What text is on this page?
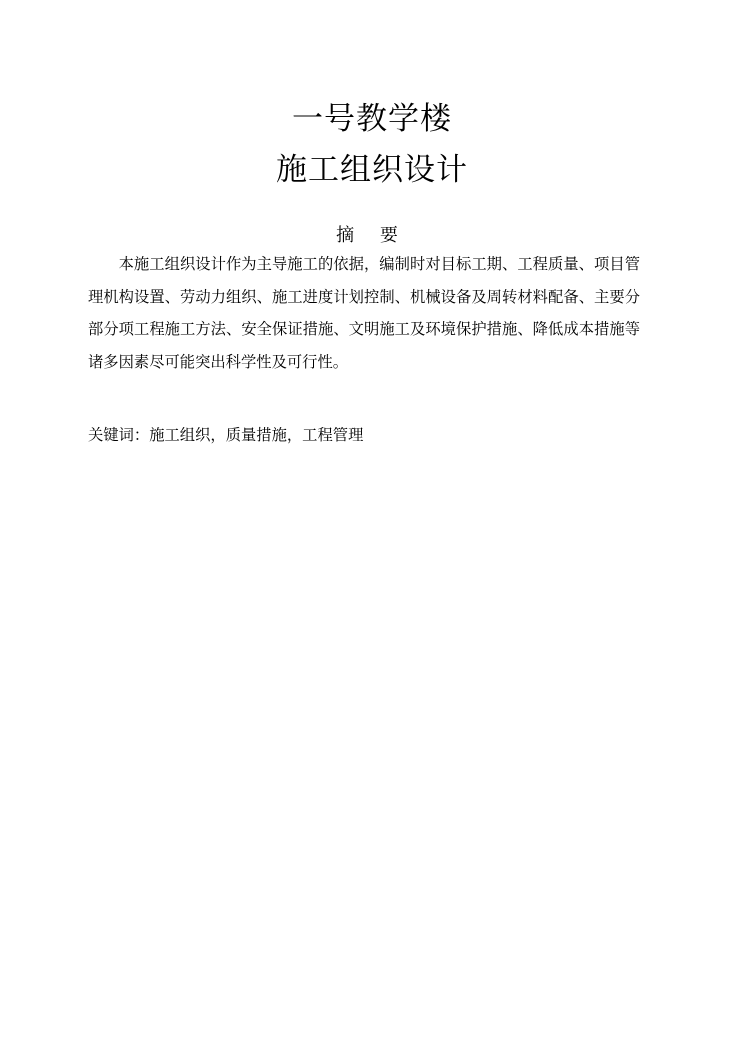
一号教学楼
施工组织设计
摘 要

本施工组织设计作为主导施工的依据，编制时对目标工期、工程质量、项目管理机构设置、劳动力组织、施工进度计划控制、机械设备及周转材料配备、主要分部分项工程施工方法、安全保证措施、文明施工及环境保护措施、降低成本措施等诸多因素尽可能突出科学性及可行性。

关键词：施工组织，质量措施，工程管理
